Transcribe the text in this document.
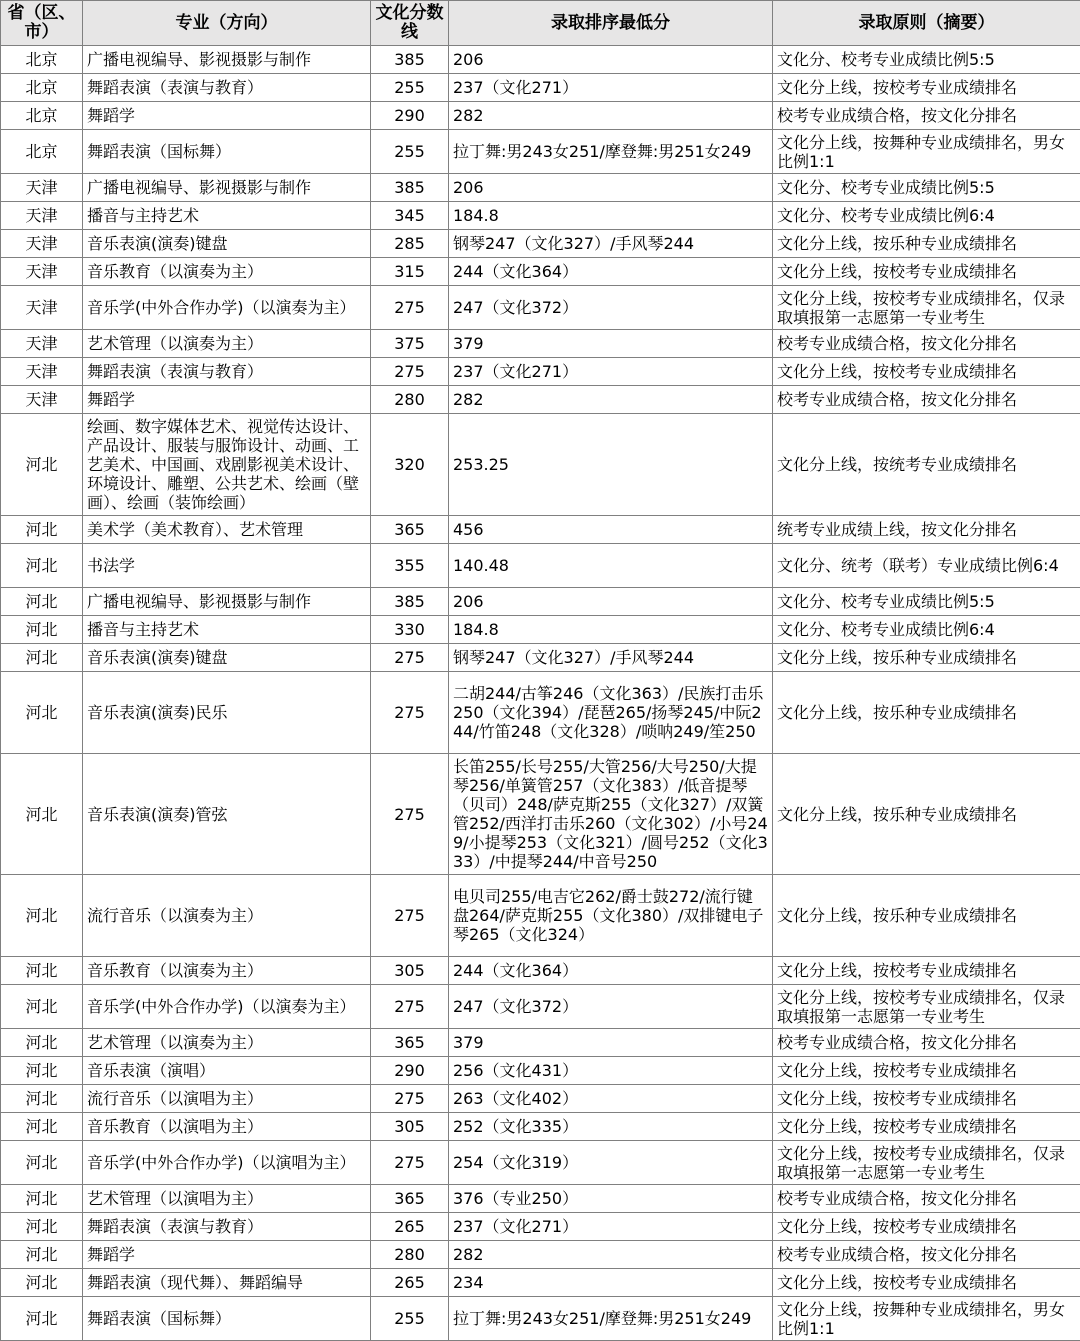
省（区、市）	专业（方向）	文化分数线	录取排序最低分	录取原则（摘要）
北京	广播电视编导、影视摄影与制作	385	206	文化分、校考专业成绩比例5:5
北京	舞蹈表演（表演与教育）	255	237（文化271）	文化分上线，按校考专业成绩排名
北京	舞蹈学	290	282	校考专业成绩合格，按文化分排名
北京	舞蹈表演（国标舞）	255	拉丁舞:男243女251/摩登舞:男251女249	文化分上线，按舞种专业成绩排名，男女比例1:1
天津	广播电视编导、影视摄影与制作	385	206	文化分、校考专业成绩比例5:5
天津	播音与主持艺术	345	184.8	文化分、校考专业成绩比例6:4
天津	音乐表演(演奏)键盘	285	钢琴247（文化327）/手风琴244	文化分上线，按乐种专业成绩排名
天津	音乐教育（以演奏为主）	315	244（文化364）	文化分上线，按校考专业成绩排名
天津	音乐学(中外合作办学)（以演奏为主）	275	247（文化372）	文化分上线，按校考专业成绩排名，仅录取填报第一志愿第一专业考生
天津	艺术管理（以演奏为主）	375	379	校考专业成绩合格，按文化分排名
天津	舞蹈表演（表演与教育）	275	237（文化271）	文化分上线，按校考专业成绩排名
天津	舞蹈学	280	282	校考专业成绩合格，按文化分排名
河北	绘画、数字媒体艺术、视觉传达设计、产品设计、服装与服饰设计、动画、工艺美术、中国画、戏剧影视美术设计、环境设计、雕塑、公共艺术、绘画（壁画）、绘画（装饰绘画）	320	253.25	文化分上线，按统考专业成绩排名
河北	美术学（美术教育）、艺术管理	365	456	统考专业成绩上线，按文化分排名
河北	书法学	355	140.48	文化分、统考（联考）专业成绩比例6:4
河北	广播电视编导、影视摄影与制作	385	206	文化分、校考专业成绩比例5:5
河北	播音与主持艺术	330	184.8	文化分、校考专业成绩比例6:4
河北	音乐表演(演奏)键盘	275	钢琴247（文化327）/手风琴244	文化分上线，按乐种专业成绩排名
河北	音乐表演(演奏)民乐	275	二胡244/古筝246（文化363）/民族打击乐250（文化394）/琵琶265/扬琴245/中阮244/竹笛248（文化328）/唢呐249/笙250	文化分上线，按乐种专业成绩排名
河北	音乐表演(演奏)管弦	275	长笛255/长号255/大管256/大号250/大提琴256/单簧管257（文化383）/低音提琴（贝司）248/萨克斯255（文化327）/双簧管252/西洋打击乐260（文化302）/小号249/小提琴253（文化321）/圆号252（文化333）/中提琴244/中音号250	文化分上线，按乐种专业成绩排名
河北	流行音乐（以演奏为主）	275	电贝司255/电吉它262/爵士鼓272/流行键盘264/萨克斯255（文化380）/双排键电子琴265（文化324）	文化分上线，按乐种专业成绩排名
河北	音乐教育（以演奏为主）	305	244（文化364）	文化分上线，按校考专业成绩排名
河北	音乐学(中外合作办学)（以演奏为主）	275	247（文化372）	文化分上线，按校考专业成绩排名，仅录取填报第一志愿第一专业考生
河北	艺术管理（以演奏为主）	365	379	校考专业成绩合格，按文化分排名
河北	音乐表演（演唱）	290	256（文化431）	文化分上线，按校考专业成绩排名
河北	流行音乐（以演唱为主）	275	263（文化402）	文化分上线，按校考专业成绩排名
河北	音乐教育（以演唱为主）	305	252（文化335）	文化分上线，按校考专业成绩排名
河北	音乐学(中外合作办学)（以演唱为主）	275	254（文化319）	文化分上线，按校考专业成绩排名，仅录取填报第一志愿第一专业考生
河北	艺术管理（以演唱为主）	365	376（专业250）	校考专业成绩合格，按文化分排名
河北	舞蹈表演（表演与教育）	265	237（文化271）	文化分上线，按校考专业成绩排名
河北	舞蹈学	280	282	校考专业成绩合格，按文化分排名
河北	舞蹈表演（现代舞）、舞蹈编导	265	234	文化分上线，按校考专业成绩排名
河北	舞蹈表演（国标舞）	255	拉丁舞:男243女251/摩登舞:男251女249	文化分上线，按舞种专业成绩排名，男女比例1:1
